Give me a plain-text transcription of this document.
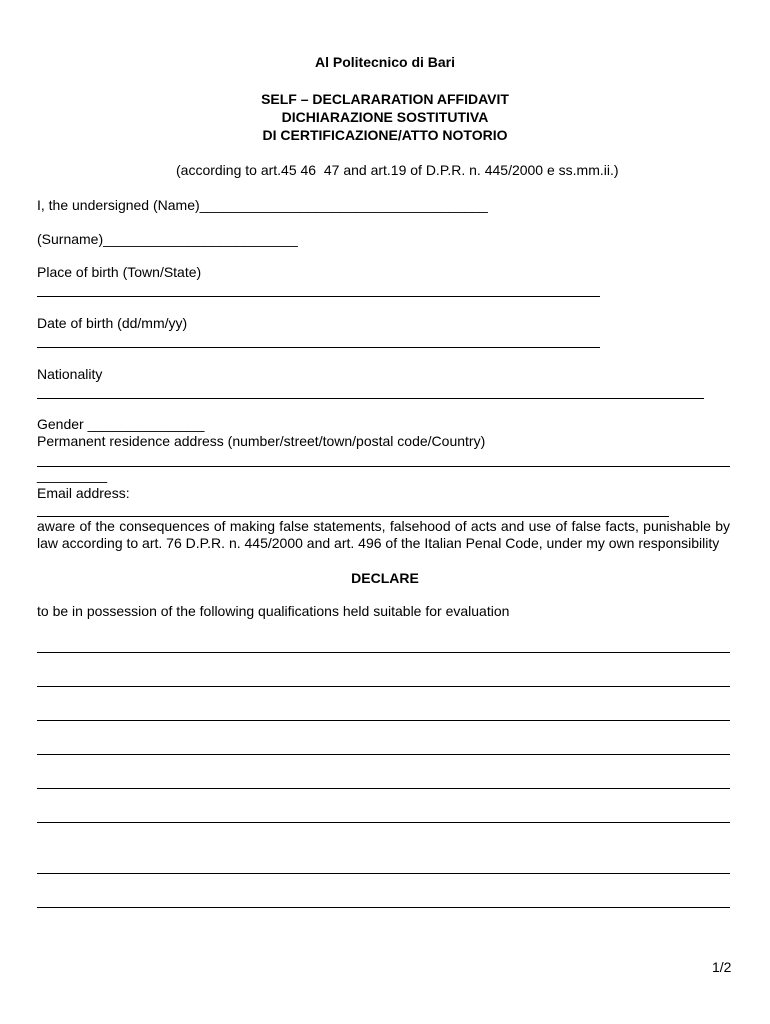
Al Politecnico di Bari
SELF – DECLARARATION AFFIDAVIT
DICHIARAZIONE SOSTITUTIVA
DI CERTIFICAZIONE/ATTO NOTORIO
(according to art.45 46  47 and art.19 of D.P.R. n. 445/2000 e ss.mm.ii.)
I, the undersigned (Name)_____________________________________
(Surname)_________________________
Place of birth (Town/State)
Date of birth (dd/mm/yy)
Nationality
Gender _______________
Permanent residence address (number/street/town/postal code/Country)
_________
Email address:
aware of the consequences of making false statements, falsehood of acts and use of false facts, punishable by law according to art. 76 D.P.R. n. 445/2000 and art. 496 of the Italian Penal Code, under my own responsibility
DECLARE
to be in possession of the following qualifications held suitable for evaluation
1/2
